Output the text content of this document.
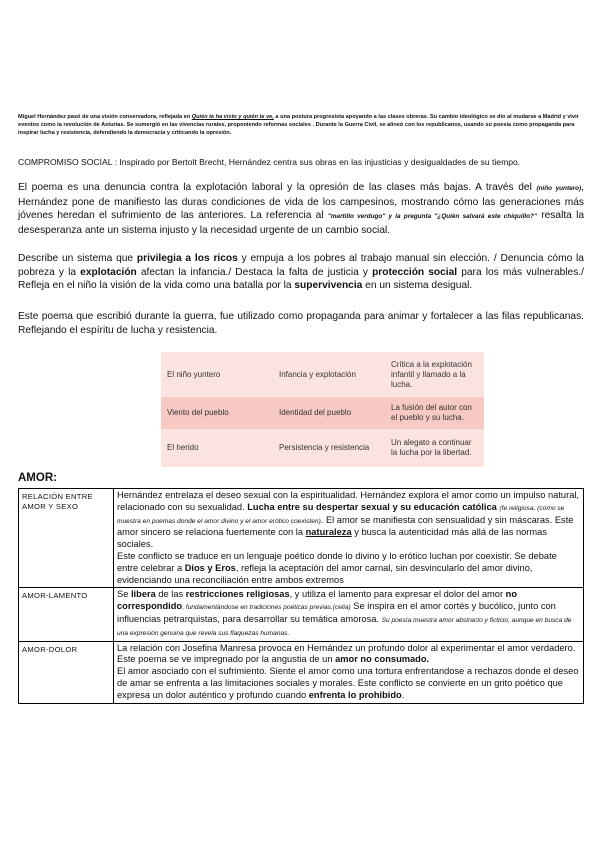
Miguel Hernández pasó de una visión conservadora, reflejada en Quién te ha visto y quién te ve, a una postura progresista apoyando a las clases obreras. Su cambio ideológico se dio al mudarse a Madrid y vivir eventos como la revolución de Asturias. Se sumergió en las vivencias rurales, proponiendo reformas sociales . Durante la Guerra Civil, se alineó con los republicanos, usando su poesía como propaganda para inspirar lucha y resistencia, defendiendo la democracia y criticando la opresión.
COMPROMISO SOCIAL : Inspirado por Bertolt Brecht, Hernández centra sus obras en las injusticias y desigualdades de su tiempo.
El poema es una denuncia contra la explotación laboral y la opresión de las clases más bajas. A través del (niño yuntero), Hernández pone de manifiesto las duras condiciones de vida de los campesinos, mostrando cómo las generaciones más jóvenes heredan el sufrimiento de las anteriores. La referencia al "martillo verdugo" y la pregunta "¿Quién salvará este chiquillo?" resalta la desesperanza ante un sistema injusto y la necesidad urgente de un cambio social.
Describe un sistema que privilegia a los ricos y empuja a los pobres al trabajo manual sin elección. / Denuncia cómo la pobreza y la explotación afectan la infancia./ Destaca la falta de justicia y protección social para los más vulnerables./ Refleja en el niño la visión de la vida como una batalla por la supervivencia en un sistema desigual.
Este poema que escribió durante la guerra, fue utilizado como propaganda para animar y fortalecer a las filas republicanas. Reflejando el espíritu de lucha y resistencia.
El niño yuntero	Infancia y explotación	Crítica a la explotación infantil y llamado a la lucha.
Viento del pueblo	Identidad del pueblo	La fusión del autor con el pueblo y su lucha.
El herido	Persistencia y resistencia	Un alegato a continuar la lucha por la libertad.
AMOR:
RELACIÓN ENTRE AMOR Y SEXO	Hernández entrelaza el deseo sexual con la espiritualidad. Hernández explora el amor como un impulso natural, relacionado con su sexualidad. Lucha entre su despertar sexual y su educación católica (fe religiosa, (como se muestra en poemas donde el amor divino y el amor erótico coexisten). El amor se manifiesta con sensualidad y sin máscaras. Este amor sincero se relaciona fuertemente con la naturaleza y busca la autenticidad más allá de las normas sociales.
Este conflicto se traduce en un lenguaje poético donde lo divino y lo erótico luchan por coexistir. Se debate entre celebrar a Dios y Eros, refleja la aceptación del amor carnal, sin desvincularlo del amor divino, evidenciando una reconciliación entre ambos extremos
AMOR-LAMENTO	Se libera de las restricciones religiosas, y utiliza el lamento para expresar el dolor del amor no correspondido, fundamentándose en tradiciones poéticas previas.(celia) Se inspira en el amor cortés y bucólico, junto con influencias petrarquistas, para desarrollar su temática amorosa. Su poesía muestra amor abstracto y ficticio, aunque en busca de una expresión genuina que revela sus flaquezas humanas.
AMOR-DOLOR	La relación con Josefina Manresa provoca en Hernández un profundo dolor al experimentar el amor verdadero. Este poema se ve impregnado por la angustia de un amor no consumado.
El amor asociado con el sufrimiento. Siente el amor como una tortura enfrentandose a rechazos donde el deseo de amar se enfrenta a las limitaciones sociales y morales. Este conflicto se convierte en un grito poético que expresa un dolor auténtico y profundo cuando enfrenta lo prohibido.
